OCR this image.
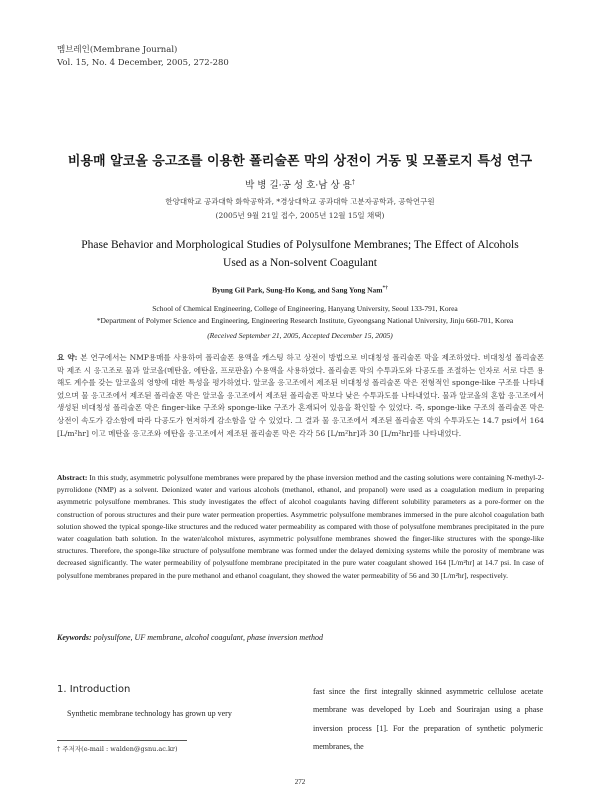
멤브레인(Membrane Journal)
Vol. 15, No. 4 December, 2005, 272-280
비용매 알코올 응고조를 이용한 폴리술폰 막의 상전이 거동 및 모폴로지 특성 연구
박 병 길·공 성 호·남 상 용†
한양대학교 공과대학 화학공학과, *경상대학교 공과대학 고분자공학과, 공학연구원
(2005년 9월 21일 접수, 2005년 12월 15일 채택)
Phase Behavior and Morphological Studies of Polysulfone Membranes; The Effect of Alcohols
Used as a Non-solvent Coagulant
Byung Gil Park, Sung-Ho Kong, and Sang Yong Nam*†
School of Chemical Engineering, College of Engineering, Hanyang University, Seoul 133-791, Korea
*Department of Polymer Science and Engineering, Engineering Research Institute, Gyeongsang National University, Jinju 660-701, Korea
(Received September 21, 2005, Accepted December 15, 2005)
요 약: 본 연구에서는 NMP용매를 사용하여 폴리술폰 용액을 캐스팅 하고 상전이 방법으로 비대칭성 폴리술폰 막을 제조하였다. 비대칭성 폴리술폰 막 제조 시 응고조로 물과 알코올(메탄올, 에탄올, 프로판올) 수용액을 사용하였다. 폴리술폰 막의 수투과도와 다공도를 조절하는 인자로 서로 다른 용해도 계수를 갖는 알코올의 영향에 대한 특성을 평가하였다. 알코올 응고조에서 제조된 비대칭성 폴리술폰 막은 전형적인 sponge-like 구조를 나타내었으며 물 응고조에서 제조된 폴리술폰 막은 알코올 응고조에서 제조된 폴리술폰 막보다 낮은 수투과도를 나타내었다. 물과 알코올의 혼합 응고조에서 생성된 비대칭성 폴리술폰 막은 finger-like 구조와 sponge-like 구조가 혼재되어 있음을 확인할 수 있었다. 즉, sponge-like 구조의 폴리술폰 막은 상전이 속도가 감소함에 따라 다공도가 현저하게 감소함을 알 수 있었다. 그 결과 물 응고조에서 제조된 폴리술폰 막의 수투과도는 14.7 psi에서 164 [L/m²hr] 이고 메탄올 응고조와 에탄올 응고조에서 제조된 폴리술폰 막은 각각 56 [L/m²hr]과 30 [L/m²hr]를 나타내었다.
Abstract: In this study, asymmetric polysulfone membranes were prepared by the phase inversion method and the casting solutions were containing N-methyl-2-pyrrolidone (NMP) as a solvent. Deionized water and various alcohols (methanol, ethanol, and propanol) were used as a coagulation medium in preparing asymmetric polysulfone membranes. This study investigates the effect of alcohol coagulants having different solubility parameters as a pore-former on the construction of porous structures and their pure water permeation properties. Asymmetric polysulfone membranes immersed in the pure alcohol coagulation bath solution showed the typical sponge-like structures and the reduced water permeability as compared with those of polysulfone membranes precipitated in the pure water coagulation bath solution. In the water/alcohol mixtures, asymmetric polysulfone membranes showed the finger-like structures with the sponge-like structures. Therefore, the sponge-like structure of polysulfone membrane was formed under the delayed demixing systems while the porosity of membrane was decreased significantly. The water permeability of polysulfone membrane precipitated in the pure water coagulant showed 164 [L/m²hr] at 14.7 psi. In case of polysulfone membranes prepared in the pure methanol and ethanol coagulant, they showed the water permeability of 56 and 30 [L/m²hr], respectively.
Keywords: polysulfone, UF membrane, alcohol coagulant, phase inversion method
1. Introduction
Synthetic membrane technology has grown up very
fast since the first integrally skinned asymmetric cellulose acetate membrane was developed by Loeb and Sourirajan using a phase inversion process [1]. For the preparation of synthetic polymeric membranes, the
† 주저자(e-mail : walden@gsnu.ac.kr)
272
